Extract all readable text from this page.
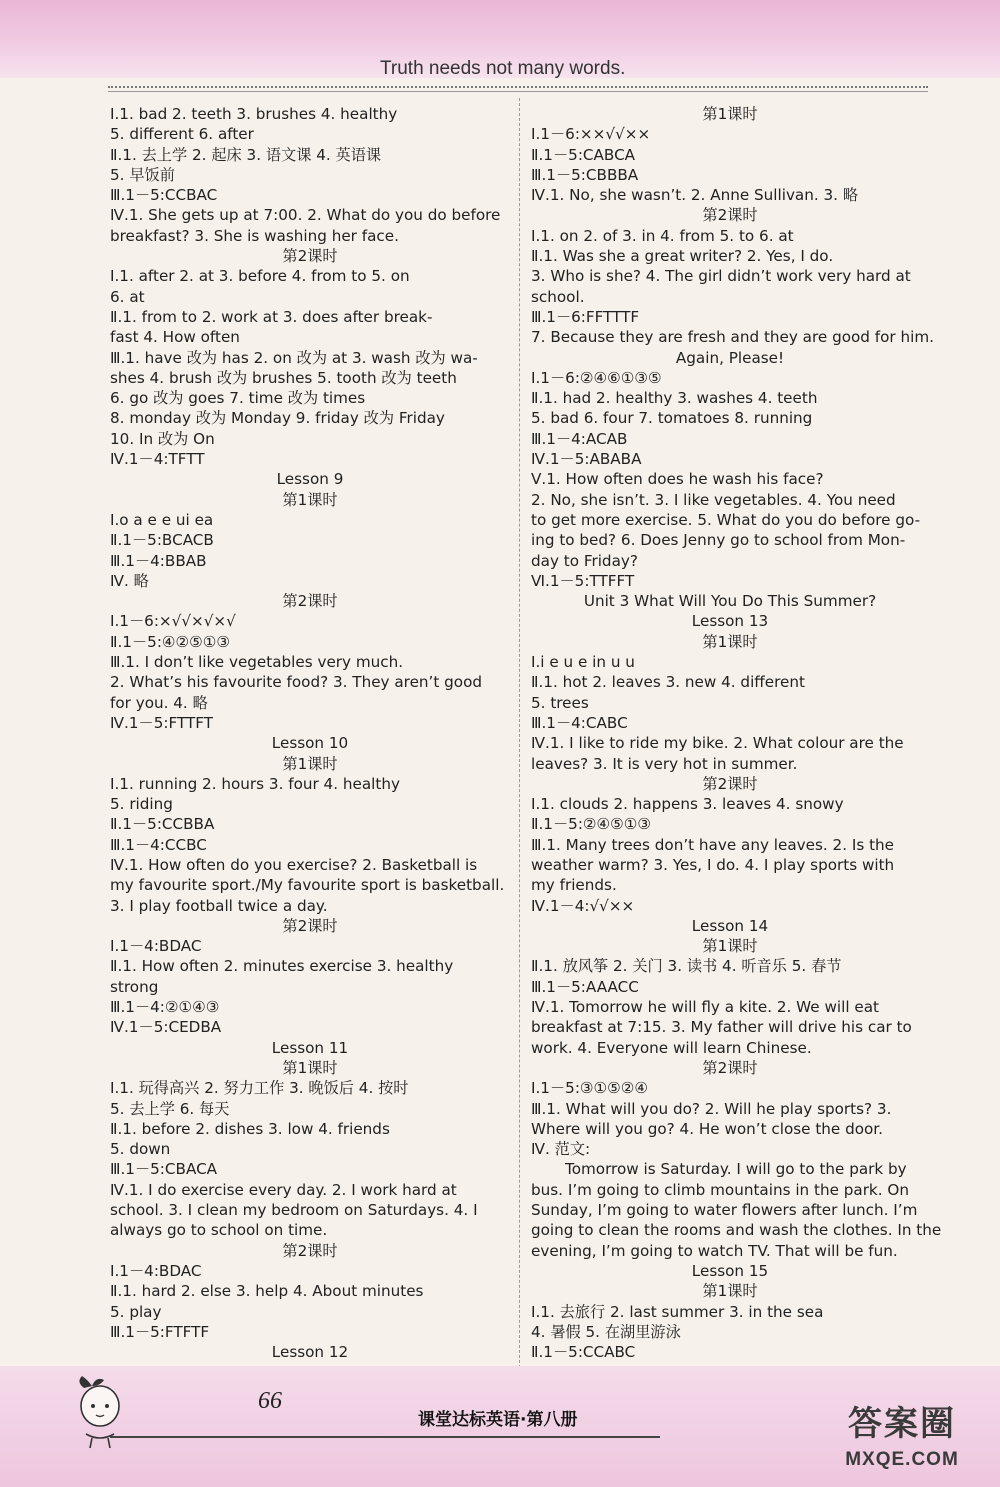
Truth needs not many words.
Ⅰ.1. bad 2. teeth 3. brushes 4. healthy
5. different 6. after
Ⅱ.1. 去上学 2. 起床 3. 语文课 4. 英语课
5. 早饭前
Ⅲ.1－5:CCBAC
Ⅳ.1. She gets up at 7:00. 2. What do you do before
breakfast? 3. She is washing her face.
第2课时
Ⅰ.1. after 2. at 3. before 4. from to 5. on
6. at
Ⅱ.1. from to 2. work at 3. does after break-
fast 4. How often
Ⅲ.1. have 改为 has 2. on 改为 at 3. wash 改为 wa-
shes 4. brush 改为 brushes 5. tooth 改为 teeth
6. go 改为 goes 7. time 改为 times
8. monday 改为 Monday 9. friday 改为 Friday
10. In 改为 On
Ⅳ.1－4:TFTT
Lesson 9
第1课时
Ⅰ.o a e e ui ea
Ⅱ.1－5:BCACB
Ⅲ.1－4:BBAB
Ⅳ. 略
第2课时
Ⅰ.1－6:×√√×√×√
Ⅱ.1－5:④②⑤①③
Ⅲ.1. I don’t like vegetables very much.
2. What’s his favourite food? 3. They aren’t good
for you. 4. 略
Ⅳ.1－5:FTTFT
Lesson 10
第1课时
Ⅰ.1. running 2. hours 3. four 4. healthy
5. riding
Ⅱ.1－5:CCBBA
Ⅲ.1－4:CCBC
Ⅳ.1. How often do you exercise? 2. Basketball is
my favourite sport./My favourite sport is basketball.
3. I play football twice a day.
第2课时
Ⅰ.1－4:BDAC
Ⅱ.1. How often 2. minutes exercise 3. healthy
strong
Ⅲ.1－4:②①④③
Ⅳ.1－5:CEDBA
Lesson 11
第1课时
Ⅰ.1. 玩得高兴 2. 努力工作 3. 晚饭后 4. 按时
5. 去上学 6. 每天
Ⅱ.1. before 2. dishes 3. low 4. friends
5. down
Ⅲ.1－5:CBACA
Ⅳ.1. I do exercise every day. 2. I work hard at
school. 3. I clean my bedroom on Saturdays. 4. I
always go to school on time.
第2课时
Ⅰ.1－4:BDAC
Ⅱ.1. hard 2. else 3. help 4. About minutes
5. play
Ⅲ.1－5:FTFTF
Lesson 12
第1课时
Ⅰ.1－6:××√√××
Ⅱ.1－5:CABCA
Ⅲ.1－5:CBBBA
Ⅳ.1. No, she wasn’t. 2. Anne Sullivan. 3. 略
第2课时
Ⅰ.1. on 2. of 3. in 4. from 5. to 6. at
Ⅱ.1. Was she a great writer? 2. Yes, I do.
3. Who is she? 4. The girl didn’t work very hard at
school.
Ⅲ.1－6:FFTTTF
7. Because they are fresh and they are good for him.
Again, Please!
Ⅰ.1－6:②④⑥①③⑤
Ⅱ.1. had 2. healthy 3. washes 4. teeth
5. bad 6. four 7. tomatoes 8. running
Ⅲ.1－4:ACAB
Ⅳ.1－5:ABABA
Ⅴ.1. How often does he wash his face?
2. No, she isn’t. 3. I like vegetables. 4. You need
to get more exercise. 5. What do you do before go-
ing to bed? 6. Does Jenny go to school from Mon-
day to Friday?
Ⅵ.1－5:TTFFT
Unit 3 What Will You Do This Summer?
Lesson 13
第1课时
Ⅰ.i e u e in u u
Ⅱ.1. hot 2. leaves 3. new 4. different
5. trees
Ⅲ.1－4:CABC
Ⅳ.1. I like to ride my bike. 2. What colour are the
leaves? 3. It is very hot in summer.
第2课时
Ⅰ.1. clouds 2. happens 3. leaves 4. snowy
Ⅱ.1－5:②④⑤①③
Ⅲ.1. Many trees don’t have any leaves. 2. Is the
weather warm? 3. Yes, I do. 4. I play sports with
my friends.
Ⅳ.1－4:√√××
Lesson 14
第1课时
Ⅱ.1. 放风筝 2. 关门 3. 读书 4. 听音乐 5. 春节
Ⅲ.1－5:AAACC
Ⅳ.1. Tomorrow he will fly a kite. 2. We will eat
breakfast at 7:15. 3. My father will drive his car to
work. 4. Everyone will learn Chinese.
第2课时
Ⅰ.1－5:③①⑤②④
Ⅲ.1. What will you do? 2. Will he play sports? 3.
Where will you go? 4. He won’t close the door.
Ⅳ. 范文:
Tomorrow is Saturday. I will go to the park by
bus. I’m going to climb mountains in the park. On
Sunday, I’m going to water flowers after lunch. I’m
going to clean the rooms and wash the clothes. In the
evening, I’m going to watch TV. That will be fun.
Lesson 15
第1课时
Ⅰ.1. 去旅行 2. last summer 3. in the sea
4. 暑假 5. 在湖里游泳
Ⅱ.1－5:CCABC
66
课堂达标英语·第八册	答案圈
MXQE.COM
